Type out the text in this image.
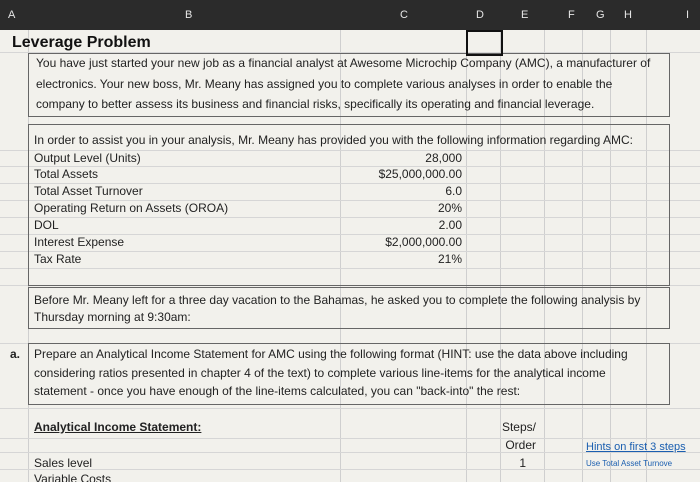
A	B	C	D	E	F G H	I
Leverage Problem
You have just started your new job as a financial analyst at Awesome Microchip Company (AMC), a manufacturer of
electronics. Your new boss, Mr. Meany has assigned you to complete various analyses in order to enable the
company to better assess its business and financial risks, specifically its operating and financial leverage.
In order to assist you in your analysis, Mr. Meany has provided you with the following information regarding AMC:
Output Level (Units)	28,000
Total Assets	$25,000,000.00
Total Asset Turnover	6.0
Operating Return on Assets (OROA)	20%
DOL	2.00
Interest Expense	$2,000,000.00
Tax Rate	21%
Before Mr. Meany left for a three day vacation to the Bahamas, he asked you to complete the following analysis by
Thursday morning at 9:30am:
a. Prepare an Analytical Income Statement for AMC using the following format (HINT: use the data above including
considering ratios presented in chapter 4 of the text) to complete various line-items for the analytical income
statement - once you have enough of the line-items calculated, you can "back-into" the rest:
Analytical Income Statement:	Steps/
Order	Hints on first 3 steps
Sales level	1	Use Total Asset Turnove
Variable Costs
